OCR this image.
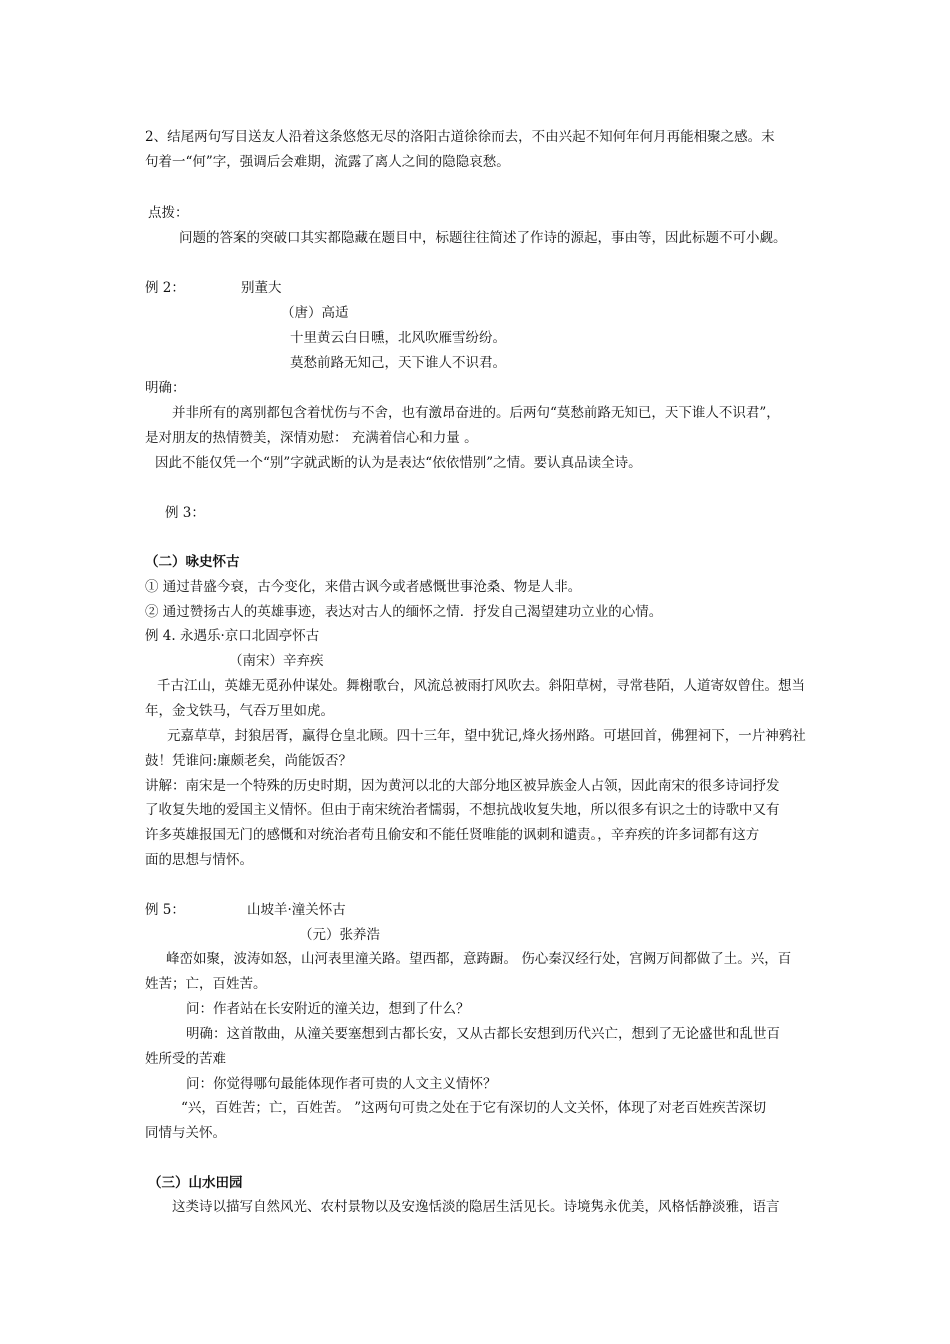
2、结尾两句写目送友人沿着这条悠悠无尽的洛阳古道徐徐而去，不由兴起不知何年何月再能相聚之感。末
句着一“何”字，强调后会难期，流露了离人之间的隐隐哀愁。
点拨：
问题的答案的突破口其实都隐藏在题目中，标题往往简述了作诗的源起，事由等，因此标题不可小觑。
例 2：	别董大
（唐）高适
十里黄云白日曛，北风吹雁雪纷纷。
莫愁前路无知己，天下谁人不识君。
明确：
并非所有的离别都包含着忧伤与不舍，也有激昂奋进的。后两句“莫愁前路无知已，天下谁人不识君”，
是对朋友的热情赞美，深情劝慰： 充满着信心和力量 。
因此不能仅凭一个“别”字就武断的认为是表达“依依惜别”之情。要认真品读全诗。
例 3：
（二）咏史怀古
① 通过昔盛今衰，古今变化，来借古讽今或者感慨世事沧桑、物是人非。
② 通过赞扬古人的英雄事迹，表达对古人的缅怀之情．抒发自己渴望建功立业的心情。
例 4. 永遇乐·京口北固亭怀古
（南宋）辛弃疾
千古江山，英雄无觅孙仲谋处。舞榭歌台，风流总被雨打风吹去。斜阳草树，寻常巷陌，人道寄奴曾住。想当
年，金戈铁马，气吞万里如虎。
元嘉草草，封狼居胥，赢得仓皇北顾。四十三年，望中犹记,烽火扬州路。可堪回首，佛狸祠下，一片神鸦社
鼓！凭谁问:廉颇老矣，尚能饭否？
讲解：南宋是一个特殊的历史时期，因为黄河以北的大部分地区被异族金人占领，因此南宋的很多诗词抒发
了收复失地的爱国主义情怀。但由于南宋统治者懦弱，不想抗战收复失地，所以很多有识之士的诗歌中又有
许多英雄报国无门的感慨和对统治者苟且偷安和不能任贤唯能的讽刺和谴责。，辛弃疾的许多词都有这方
面的思想与情怀。
例 5：	山坡羊·潼关怀古
（元）张养浩
峰峦如聚，波涛如怒，山河表里潼关路。望西都，意踌蹰。 伤心秦汉经行处，宫阙万间都做了土。兴，百
姓苦；亡，百姓苦。
问：作者站在长安附近的潼关边，想到了什么？
明确：这首散曲，从潼关要塞想到古都长安，又从古都长安想到历代兴亡，想到了无论盛世和乱世百
姓所受的苦难
问：你觉得哪句最能体现作者可贵的人文主义情怀？
“兴，百姓苦；亡，百姓苦。 ”这两句可贵之处在于它有深切的人文关怀，体现了对老百姓疾苦深切
同情与关怀。
（三）山水田园
这类诗以描写自然风光、农村景物以及安逸恬淡的隐居生活见长。诗境隽永优美，风格恬静淡雅，语言
